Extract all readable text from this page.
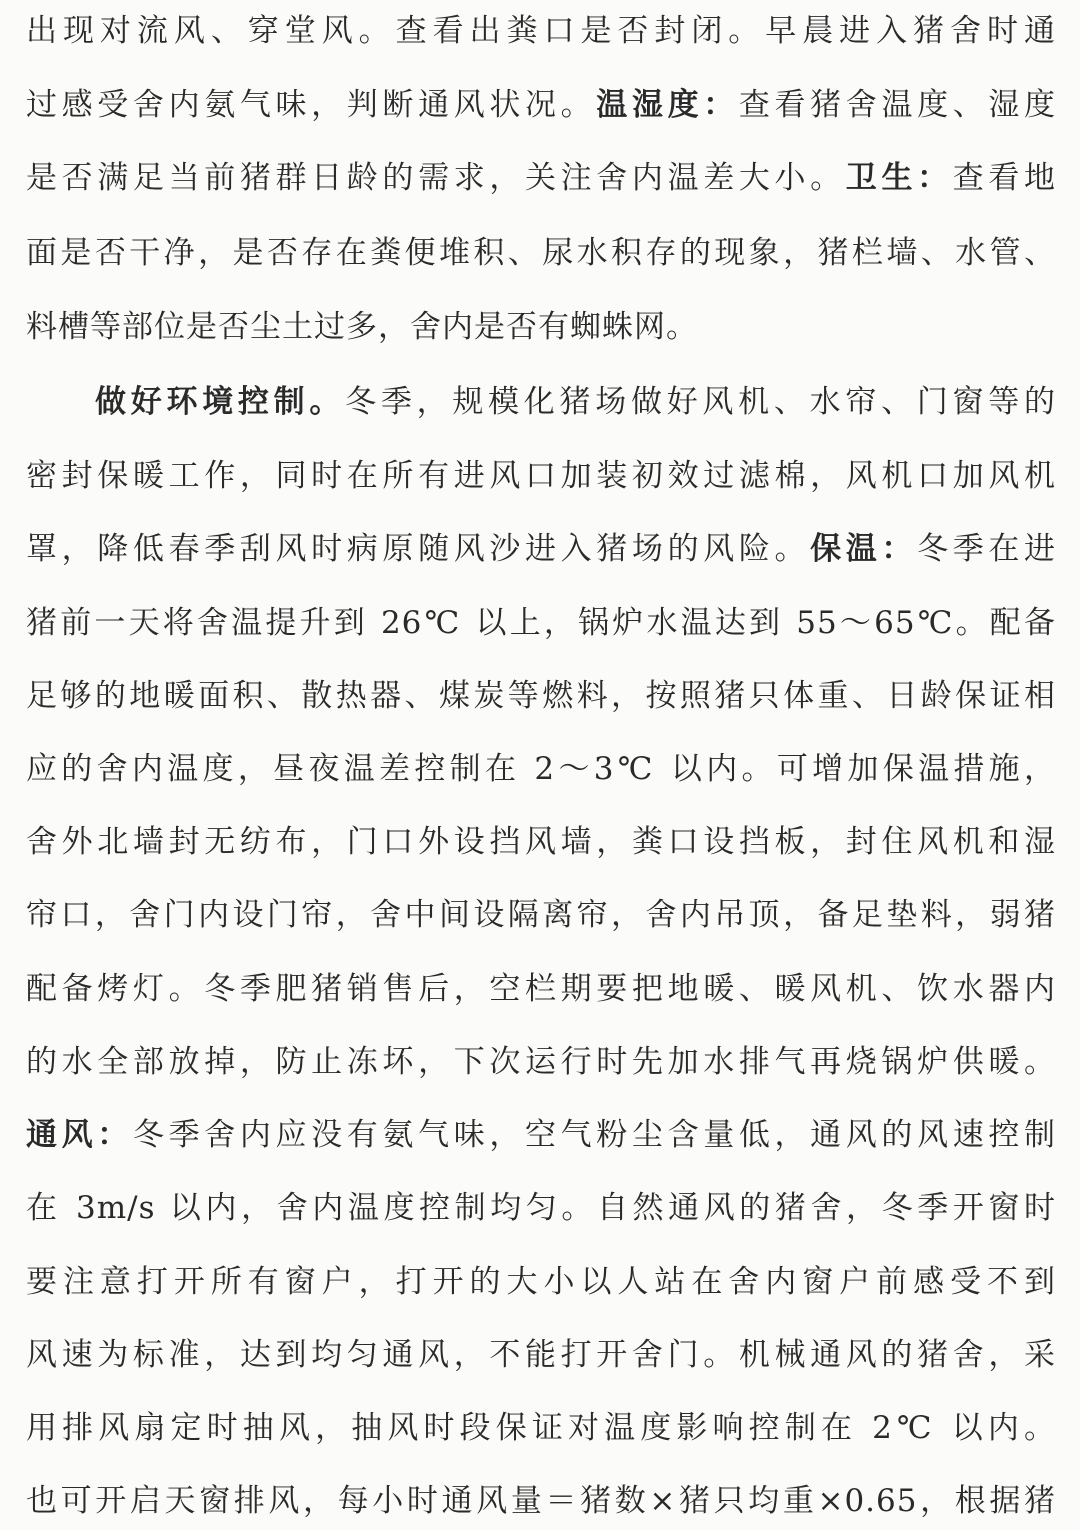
出现对流风、穿堂风。查看出粪口是否封闭。早晨进入猪舍时通
过感受舍内氨气味，判断通风状况。温湿度：查看猪舍温度、湿度
是否满足当前猪群日龄的需求，关注舍内温差大小。卫生：查看地
面是否干净，是否存在粪便堆积、尿水积存的现象，猪栏墙、水管、
料槽等部位是否尘土过多，舍内是否有蜘蛛网。
做好环境控制。冬季，规模化猪场做好风机、水帘、门窗等的
密封保暖工作，同时在所有进风口加装初效过滤棉，风机口加风机
罩，降低春季刮风时病原随风沙进入猪场的风险。保温：冬季在进
猪前一天将舍温提升到 26℃ 以上，锅炉水温达到 55～65℃。配备
足够的地暖面积、散热器、煤炭等燃料，按照猪只体重、日龄保证相
应的舍内温度，昼夜温差控制在 2～3℃ 以内。可增加保温措施，
舍外北墙封无纺布，门口外设挡风墙，粪口设挡板，封住风机和湿
帘口，舍门内设门帘，舍中间设隔离帘，舍内吊顶，备足垫料，弱猪
配备烤灯。冬季肥猪销售后，空栏期要把地暖、暖风机、饮水器内
的水全部放掉，防止冻坏，下次运行时先加水排气再烧锅炉供暖。
通风：冬季舍内应没有氨气味，空气粉尘含量低，通风的风速控制
在 3m/s 以内，舍内温度控制均匀。自然通风的猪舍，冬季开窗时
要注意打开所有窗户，打开的大小以人站在舍内窗户前感受不到
风速为标准，达到均匀通风，不能打开舍门。机械通风的猪舍，采
用排风扇定时抽风，抽风时段保证对温度影响控制在 2℃ 以内。
也可开启天窗排风，每小时通风量＝猪数×猪只均重×0.65，根据猪
